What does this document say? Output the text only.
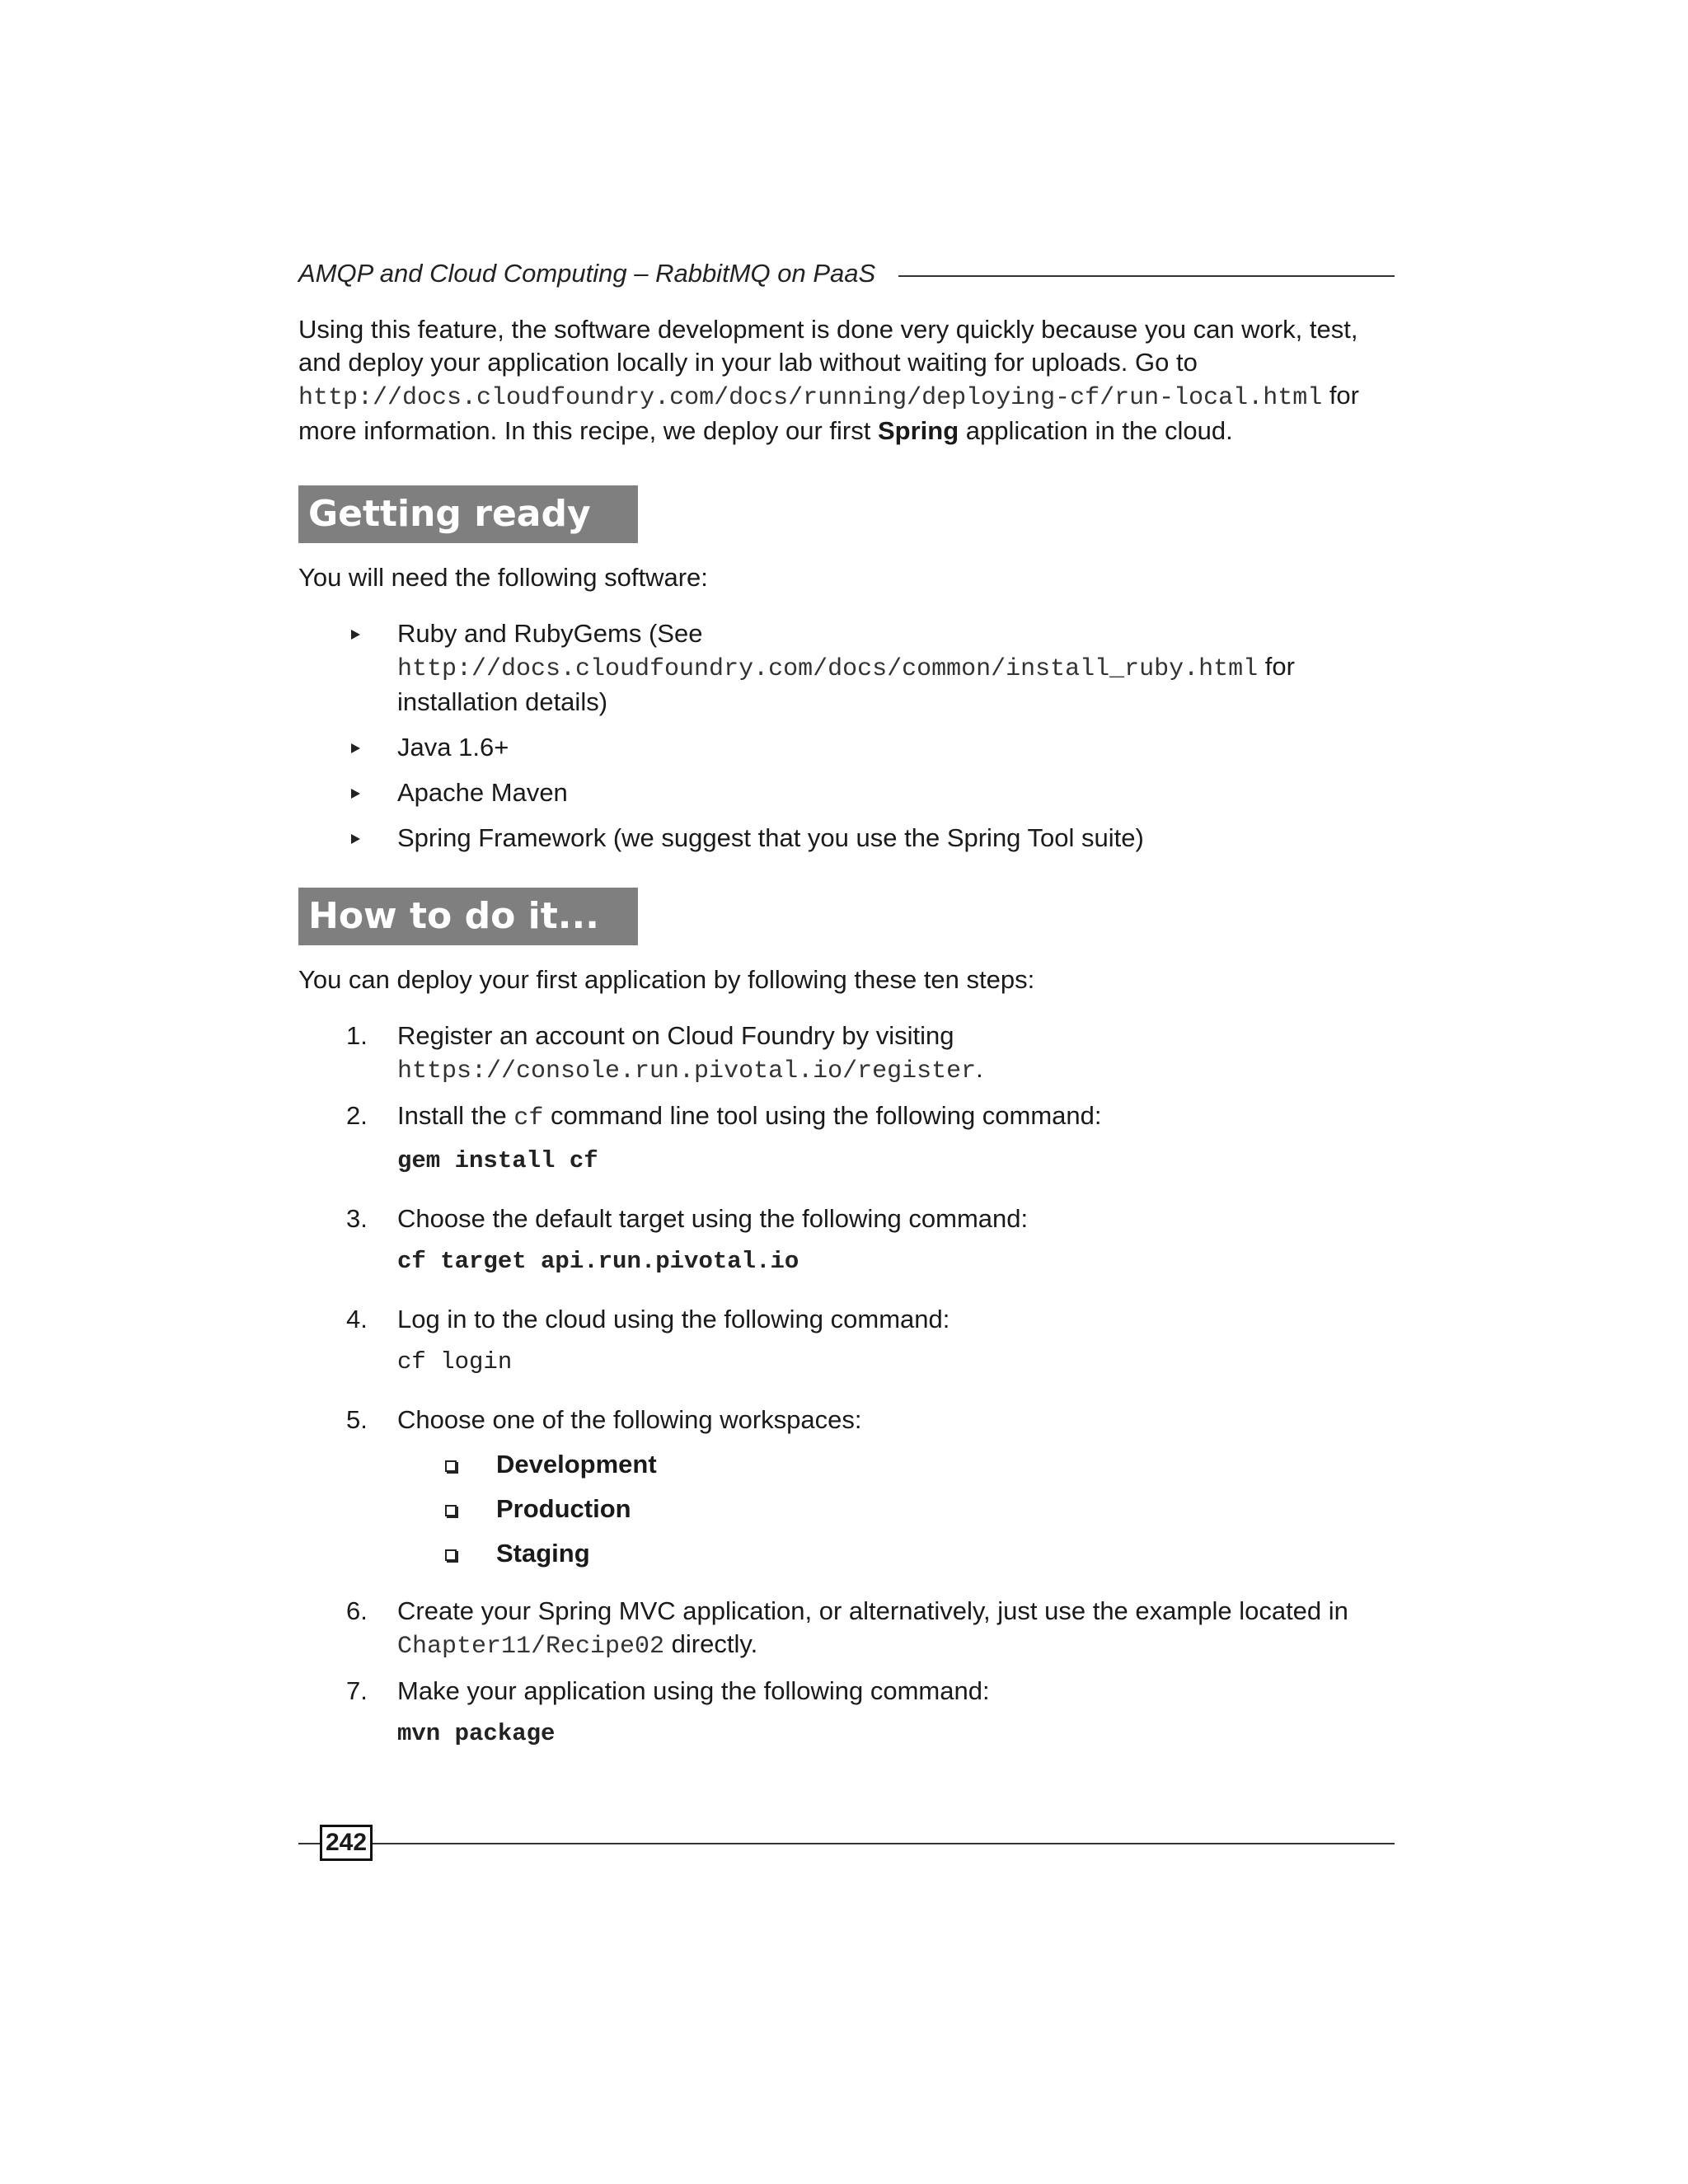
AMQP and Cloud Computing – RabbitMQ on PaaS

Using this feature, the software development is done very quickly because you can work, test, and deploy your application locally in your lab without waiting for uploads. Go to http://docs.cloudfoundry.com/docs/running/deploying-cf/run-local.html for more information. In this recipe, we deploy our first Spring application in the cloud.

Getting ready

You will need the following software:

Ruby and RubyGems (See http://docs.cloudfoundry.com/docs/common/install_ruby.html for installation details)
Java 1.6+
Apache Maven
Spring Framework (we suggest that you use the Spring Tool suite)
How to do it...

You can deploy your first application by following these ten steps:

1. Register an account on Cloud Foundry by visiting https://console.run.pivotal.io/register.
2. Install the cf command line tool using the following command:
gem install cf
3. Choose the default target using the following command:
cf target api.run.pivotal.io
4. Log in to the cloud using the following command:
cf login
5. Choose one of the following workspaces:
Development
Production
Staging
6. Create your Spring MVC application, or alternatively, just use the example located in Chapter11/Recipe02 directly.
7. Make your application using the following command:
mvn package
242
